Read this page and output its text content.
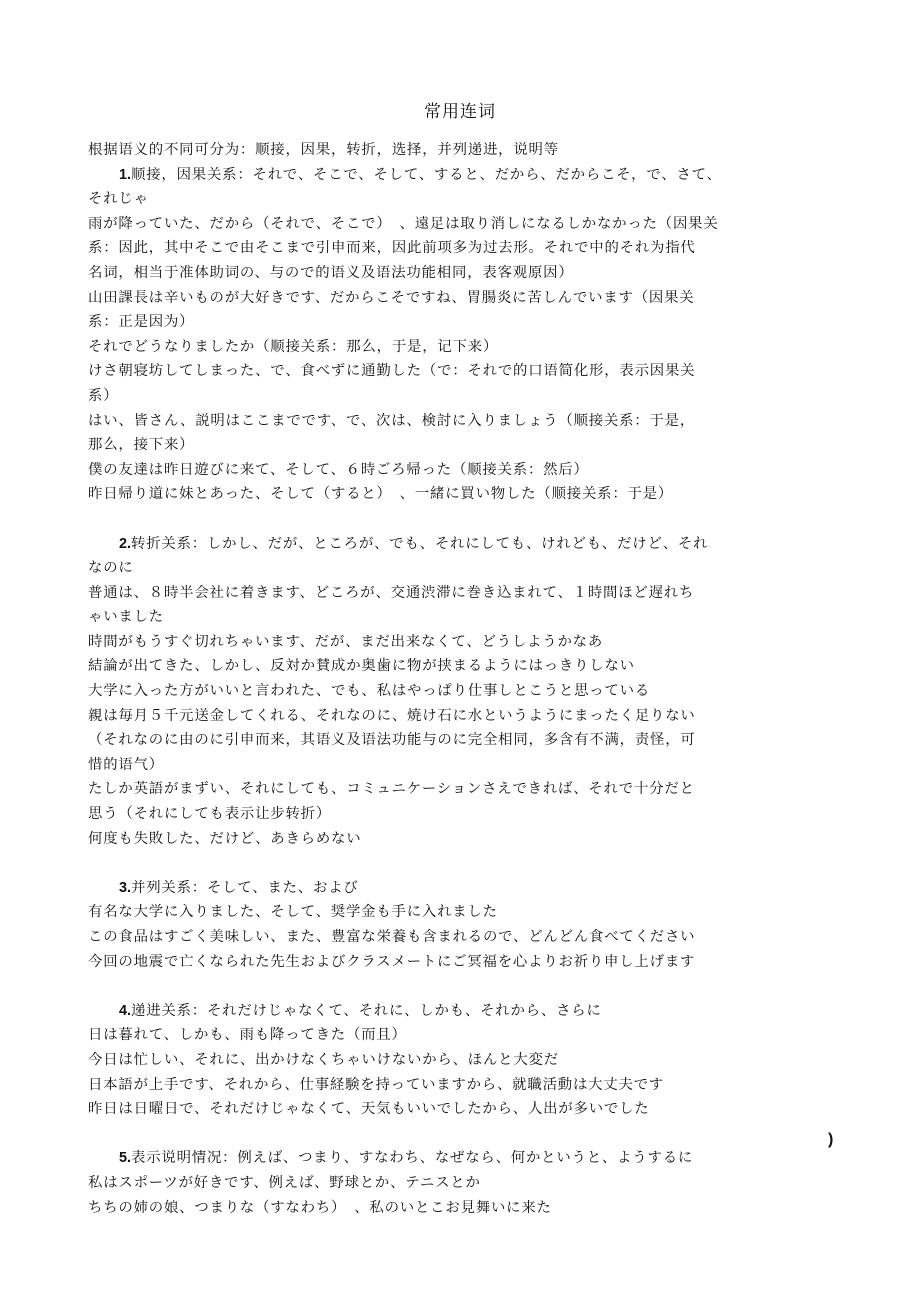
常用连词
根据语义的不同可分为：顺接，因果，转折，选择，并列递进，说明等
1.顺接，因果关系：それで、そこで、そして、すると、だから、だからこそ，で、さて、
それじゃ
雨が降っていた、だから（それで、そこで）　、遠足は取り消しになるしかなかった（因果关
系：因此，其中そこで由そこまで引申而来，因此前项多为过去形。それで中的それ为指代
名词，相当于准体助词の、与ので的语义及语法功能相同，表客观原因）
山田課長は辛いものが大好きです、だからこそですね、胃腸炎に苦しんでいます（因果关
系：正是因为）
それでどうなりましたか（顺接关系：那么，于是，记下来）
けさ朝寝坊してしまった、で、食べずに通勤した（で：それで的口语简化形，表示因果关
系）
はい、皆さん、説明はここまでです、で、次は、検討に入りましょう（顺接关系：于是，
那么，接下来）
僕の友達は昨日遊びに来て、そして、６時ごろ帰った（顺接关系：然后）
昨日帰り道に妹とあった、そして（すると）　、一緒に買い物した（顺接关系：于是）
2.转折关系：しかし、だが、ところが、でも、それにしても、けれども、だけど、それ
なのに
普通は、８時半会社に着きます、どころが、交通渋滞に巻き込まれて、１時間ほど遅れち
ゃいました
時間がもうすぐ切れちゃいます、だが、まだ出来なくて、どうしようかなあ
結論が出てきた、しかし、反対か賛成か奥歯に物が挟まるようにはっきりしない
大学に入った方がいいと言われた、でも、私はやっぱり仕事しとこうと思っている
親は毎月５千元送金してくれる、それなのに、焼け石に水というようにまったく足りない
（それなのに由のに引申而来，其语义及语法功能与のに完全相同，多含有不满，责怪，可
惜的语气）
たしか英語がまずい、それにしても、コミュニケーションさえできれば、それで十分だと
思う（それにしても表示让步转折）
何度も失敗した、だけど、あきらめない
3.并列关系：そして、また、および
有名な大学に入りました、そして、奨学金も手に入れました
この食品はすごく美味しい、また、豊富な栄養も含まれるので、どんどん食べてください
今回の地震で亡くなられた先生およびクラスメートにご冥福を心よりお祈り申し上げます
4.递进关系：それだけじゃなくて、それに、しかも、それから、さらに
日は暮れて、しかも、雨も降ってきた（而且）
今日は忙しい、それに、出かけなくちゃいけないから、ほんと大変だ
日本語が上手です、それから、仕事経験を持っていますから、就職活動は大丈夫です
昨日は日曜日で、それだけじゃなくて、天気もいいでしたから、人出が多いでした
5.表示说明情况：例えば、つまり、すなわち、なぜなら、何かというと、ようするに
私はスポーツが好きです、例えば、野球とか、テニスとか
ちちの姉の娘、つまりな（すなわち）　、私のいとこお見舞いに来た
)
